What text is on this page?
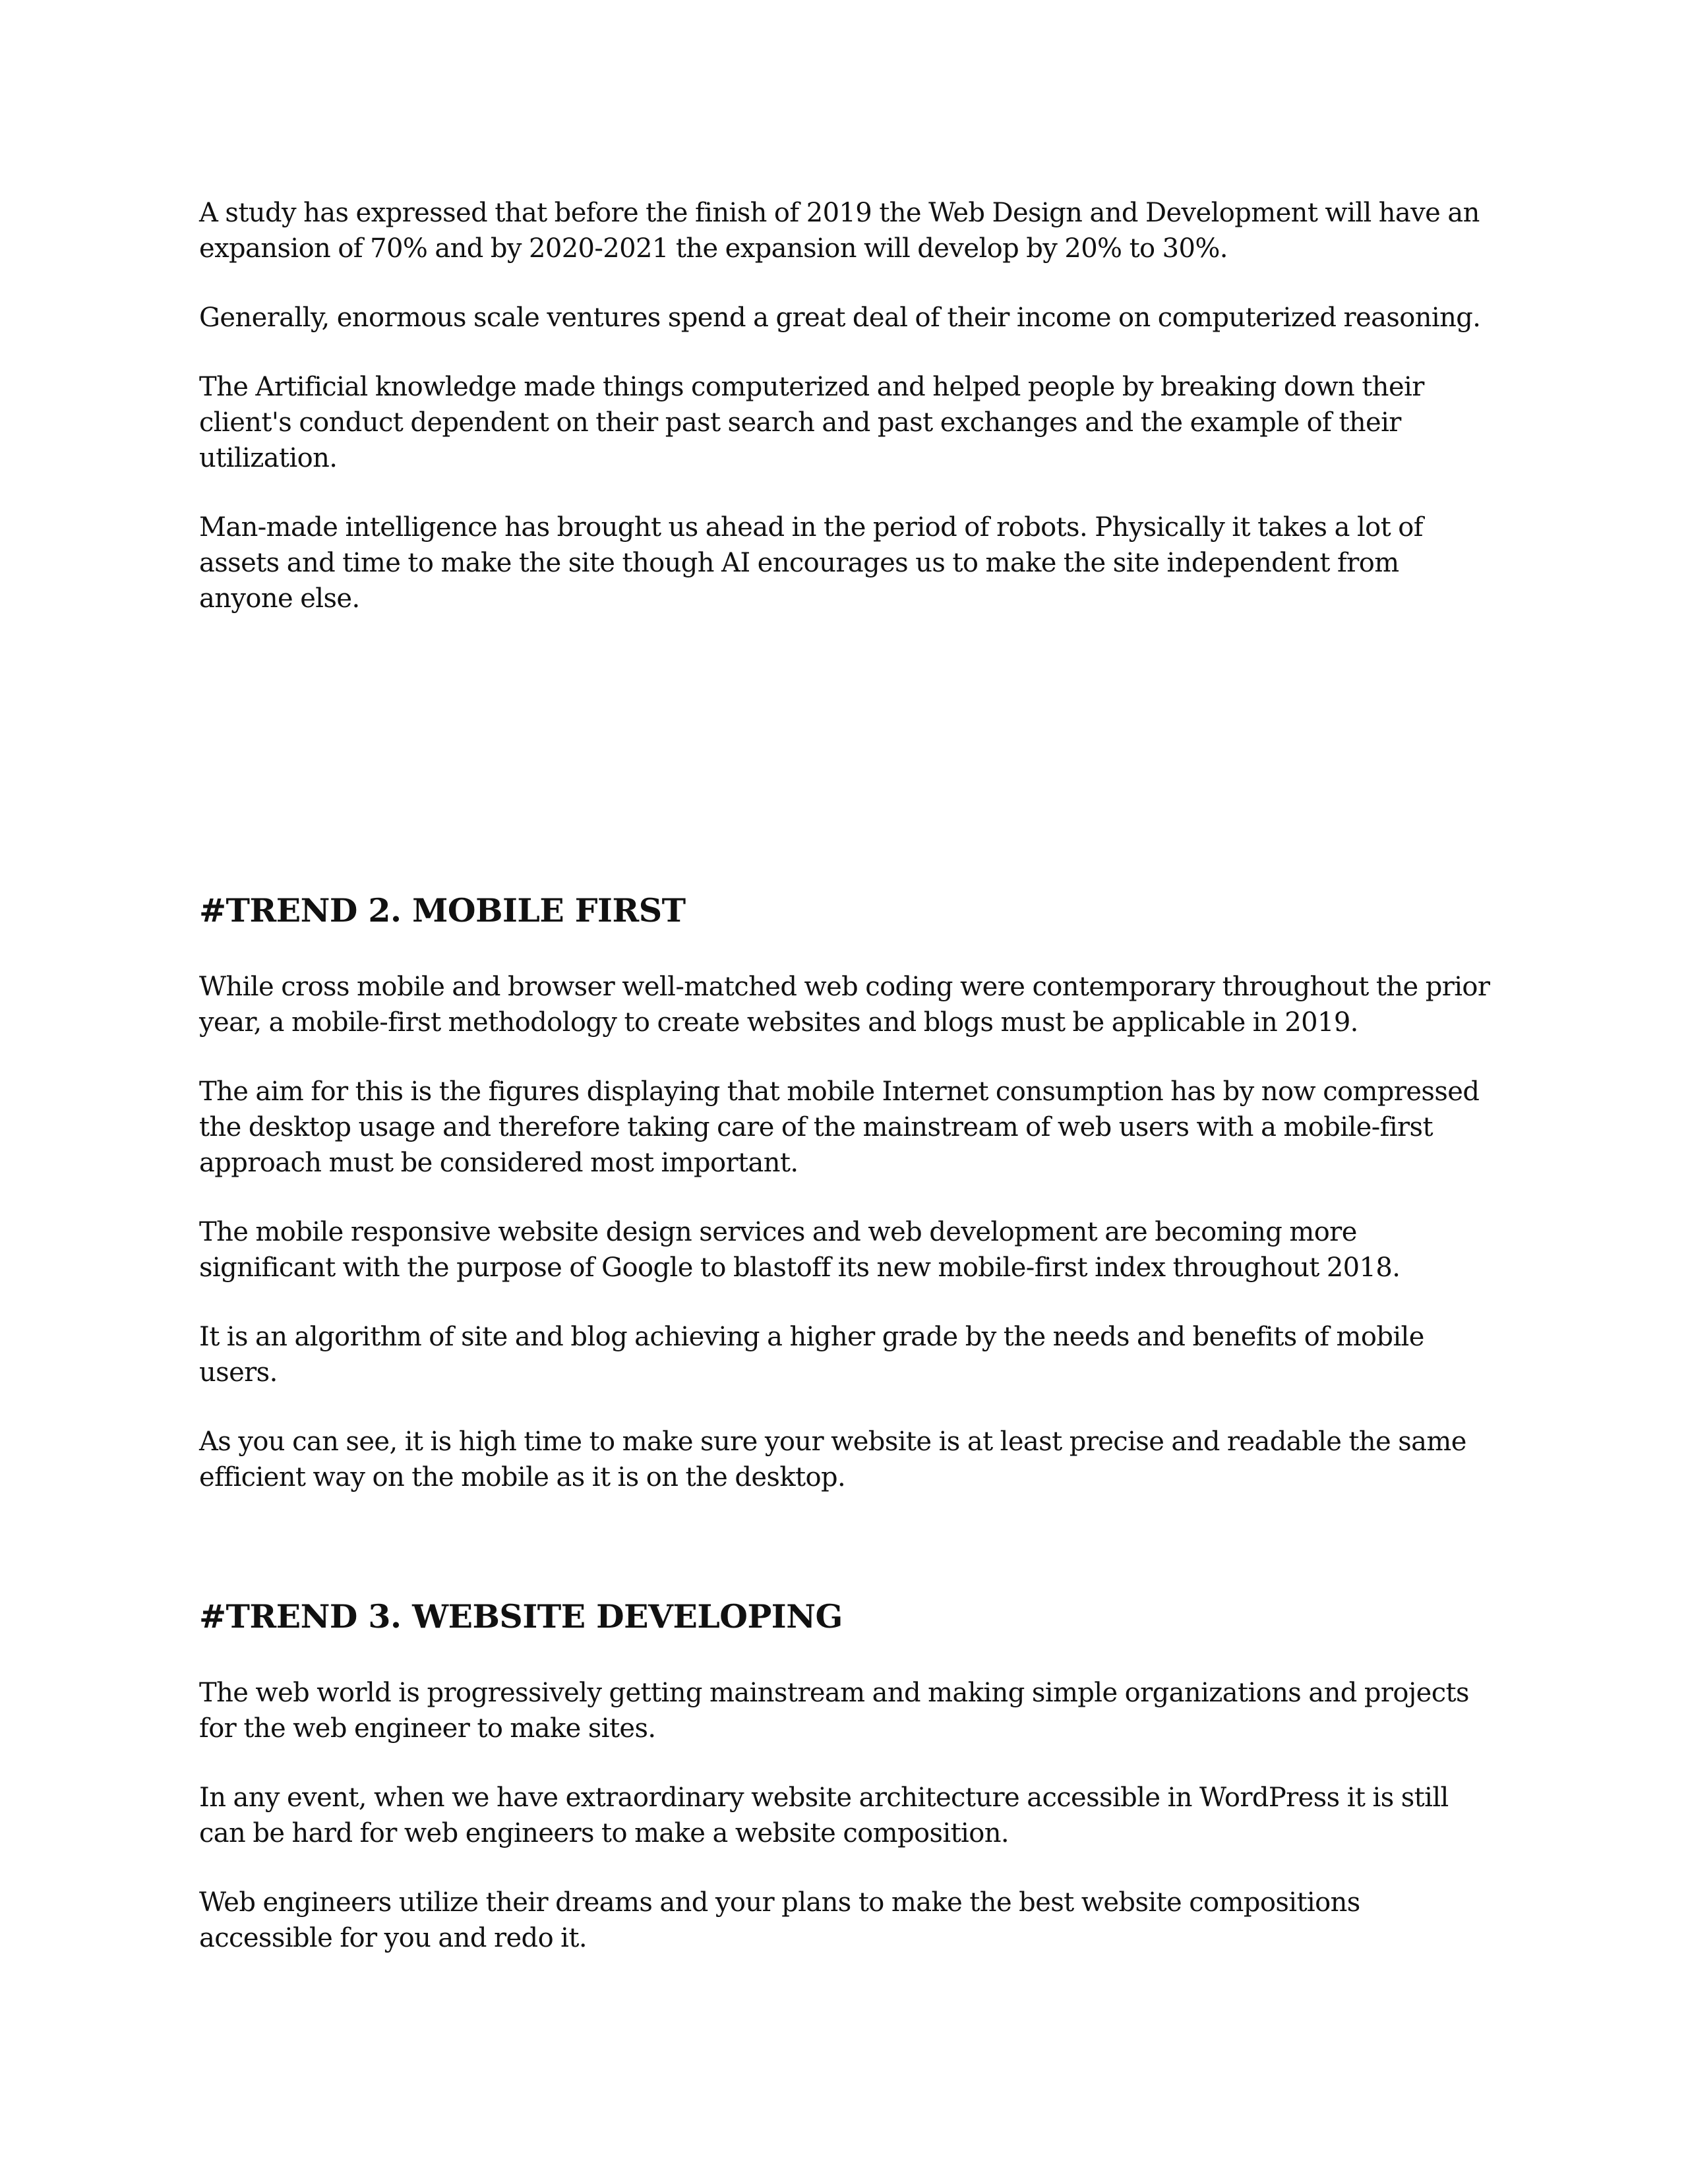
A study has expressed that before the finish of 2019 the Web Design and Development will have an expansion of 70% and by 2020-2021 the expansion will develop by 20% to 30%.

Generally, enormous scale ventures spend a great deal of their income on computerized reasoning.

The Artificial knowledge made things computerized and helped people by breaking down their client's conduct dependent on their past search and past exchanges and the example of their utilization.

Man-made intelligence has brought us ahead in the period of robots. Physically it takes a lot of assets and time to make the site though AI encourages us to make the site independent from anyone else.

#TREND 2. MOBILE FIRST

While cross mobile and browser well-matched web coding were contemporary throughout the prior year, a mobile-first methodology to create websites and blogs must be applicable in 2019.

The aim for this is the figures displaying that mobile Internet consumption has by now compressed the desktop usage and therefore taking care of the mainstream of web users with a mobile-first approach must be considered most important.

The mobile responsive website design services and web development are becoming more significant with the purpose of Google to blastoff its new mobile-first index throughout 2018.

It is an algorithm of site and blog achieving a higher grade by the needs and benefits of mobile users.

As you can see, it is high time to make sure your website is at least precise and readable the same efficient way on the mobile as it is on the desktop.

#TREND 3. WEBSITE DEVELOPING

The web world is progressively getting mainstream and making simple organizations and projects for the web engineer to make sites.

In any event, when we have extraordinary website architecture accessible in WordPress it is still can be hard for web engineers to make a website composition.

Web engineers utilize their dreams and your plans to make the best website compositions accessible for you and redo it.
